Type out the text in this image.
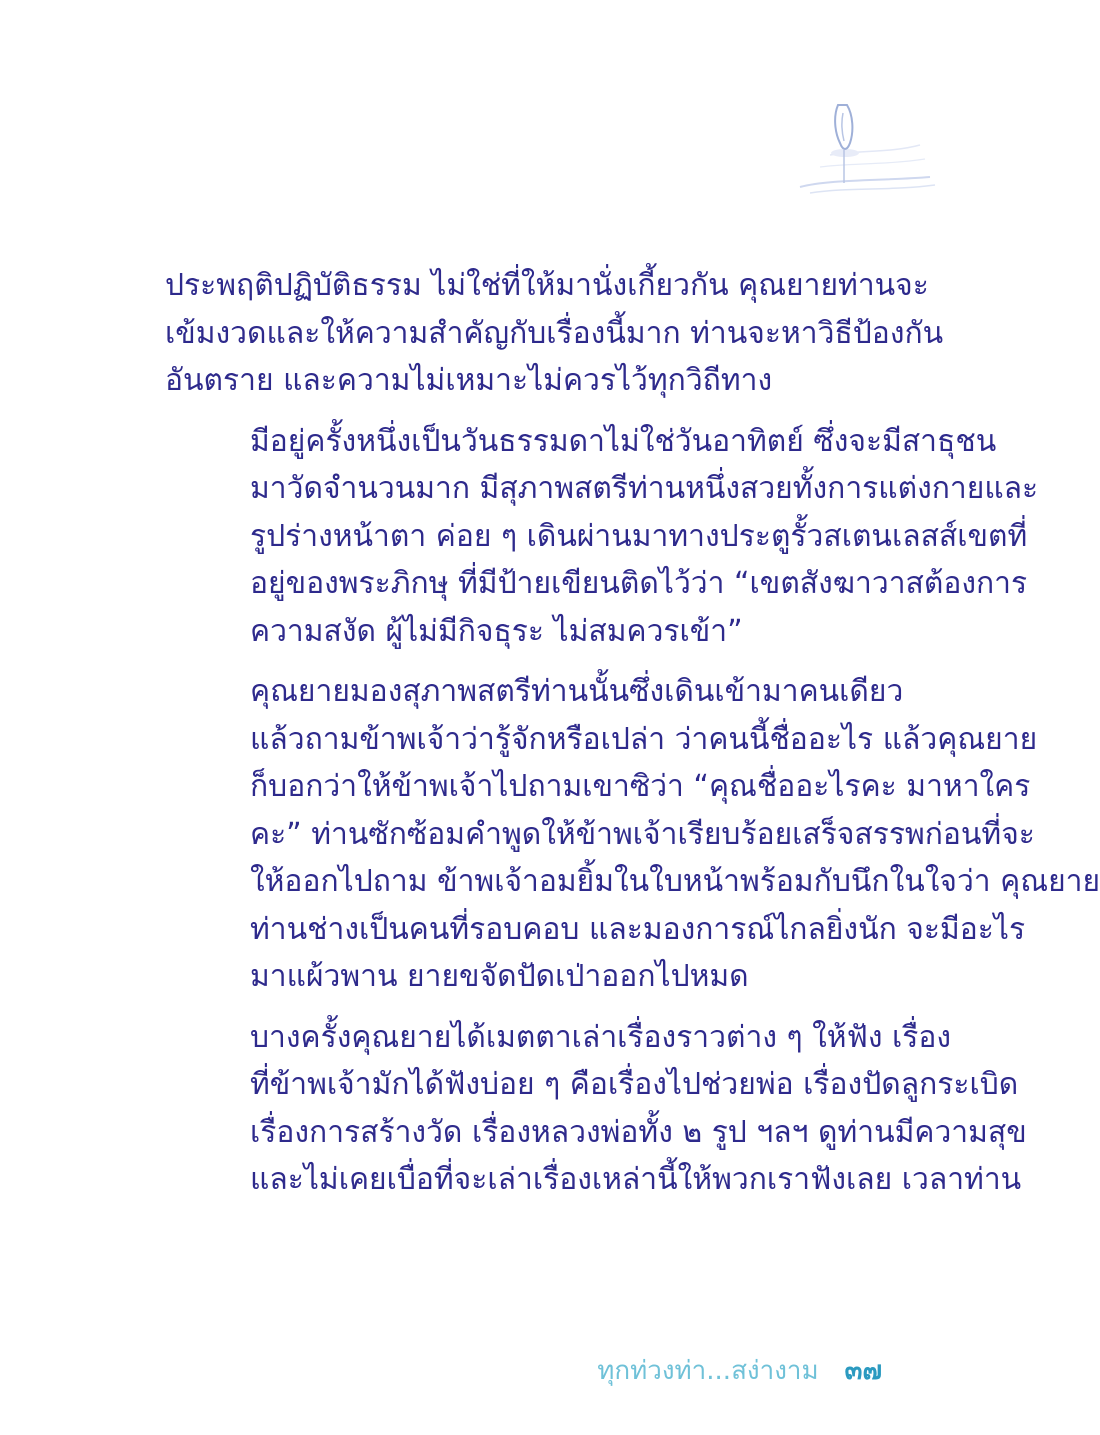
ประพฤติปฏิบัติธรรม ไม่ใช่ที่ให้มานั่งเกี้ยวกัน คุณยายท่านจะ
เข้มงวดและให้ความสำคัญกับเรื่องนี้มาก ท่านจะหาวิธีป้องกัน
อันตราย และความไม่เหมาะไม่ควรไว้ทุกวิถีทาง

มีอยู่ครั้งหนึ่งเป็นวันธรรมดาไม่ใช่วันอาทิตย์ ซึ่งจะมีสาธุชน
มาวัดจำนวนมาก มีสุภาพสตรีท่านหนึ่งสวยทั้งการแต่งกายและ
รูปร่างหน้าตา ค่อย ๆ เดินผ่านมาทางประตูรั้วสเตนเลสส์เขตที่
อยู่ของพระภิกษุ ที่มีป้ายเขียนติดไว้ว่า “เขตสังฆาวาสต้องการ
ความสงัด ผู้ไม่มีกิจธุระ ไม่สมควรเข้า”

คุณยายมองสุภาพสตรีท่านนั้นซึ่งเดินเข้ามาคนเดียว
แล้วถามข้าพเจ้าว่ารู้จักหรือเปล่า ว่าคนนี้ชื่ออะไร แล้วคุณยาย
ก็บอกว่าให้ข้าพเจ้าไปถามเขาซิว่า “คุณชื่ออะไรคะ มาหาใคร
คะ” ท่านซักซ้อมคำพูดให้ข้าพเจ้าเรียบร้อยเสร็จสรรพก่อนที่จะ
ให้ออกไปถาม ข้าพเจ้าอมยิ้มในใบหน้าพร้อมกับนึกในใจว่า คุณยาย
ท่านช่างเป็นคนที่รอบคอบ และมองการณ์ไกลยิ่งนัก จะมีอะไร
มาแผ้วพาน ยายขจัดปัดเป่าออกไปหมด

บางครั้งคุณยายได้เมตตาเล่าเรื่องราวต่าง ๆ ให้ฟัง เรื่อง
ที่ข้าพเจ้ามักได้ฟังบ่อย ๆ คือเรื่องไปช่วยพ่อ เรื่องปัดลูกระเบิด
เรื่องการสร้างวัด เรื่องหลวงพ่อทั้ง ๒ รูป ฯลฯ ดูท่านมีความสุข
และไม่เคยเบื่อที่จะเล่าเรื่องเหล่านี้ให้พวกเราฟังเลย เวลาท่าน

ทุกท่วงท่า...สง่างาม ๓๗
